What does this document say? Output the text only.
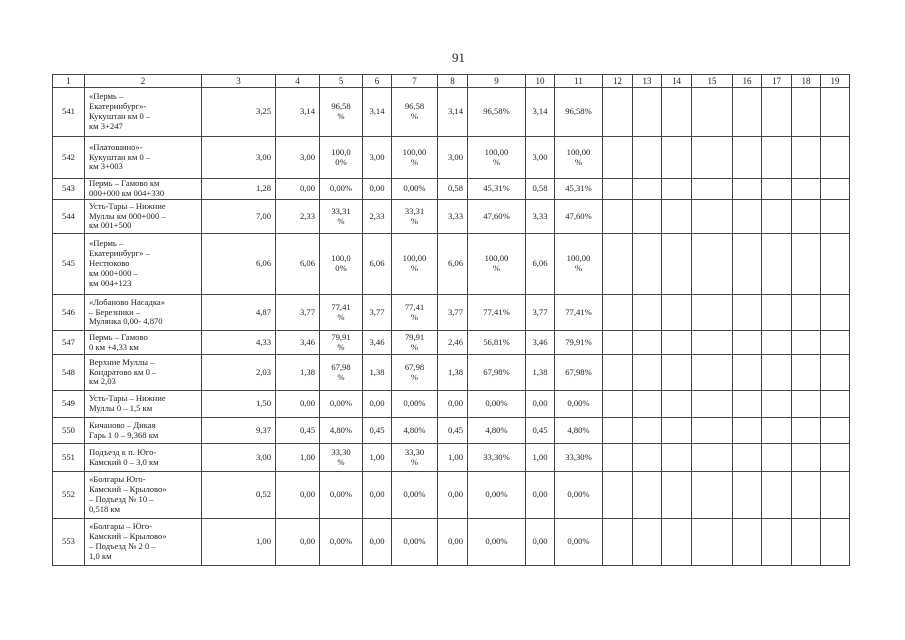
91
1	2	3	4	5	6	7	8	9	10	11	12	13	14	15	16	17	18	19
541	«Пермь –
Екатеринбург»-
Кукуштан км 0 –
км 3+247	3,25	3,14	96,58
%	3,14	96,58
%	3,14	96,58%	3,14	96,58%								
542	«Платошино»-
Кукуштан км 0 –
км 3+003	3,00	3,00	100,0
0%	3,00	100,00
%	3,00	100,00
%	3,00	100,00
%								
543	Пермь – Гамово км
000+000 км 004+330	1,28	0,00	0,00%	0,00	0,00%	0,58	45,31%	0,58	45,31%								
544	Усть-Тары – Нижние
Муллы км 000+000 –
км 001+500	7,00	2,33	33,31
%	2,33	33,31
%	3,33	47,60%	3,33	47,60%								
545	«Пермь –
Екатеринбург» –
Нестюково
км 000+000 –
км 004+123	6,06	6,06	100,0
0%	6,06	100,00
%	6,06	100,00
%	6,06	100,00
%								
546	«Лобаново Насадка»
– Березники –
Мулянка 0,00- 4,870	4,87	3,77	77,41
%	3,77	77,41
%	3,77	77,41%	3,77	77,41%								
547	Пермь – Гамово
0 км +4,33 км	4,33	3,46	79,91
%	3,46	79,91
%	2,46	56,81%	3,46	79,91%								
548	Верхние Муллы –
Кондратово км 0 –
км 2,03	2,03	1,38	67,98
%	1,38	67,98
%	1,38	67,98%	1,38	67,98%								
549	Усть-Тары – Нижние
Муллы 0 – 1,5 км	1,50	0,00	0,00%	0,00	0,00%	0,00	0,00%	0,00	0,00%								
550	Кичаново – Дикая
Гарь 1 0 – 9,368 км	9,37	0,45	4,80%	0,45	4,80%	0,45	4,80%	0,45	4,80%								
551	Подъезд к п. Юго-
Камский 0 – 3,0 км	3,00	1,00	33,30
%	1,00	33,30
%	1,00	33,30%	1,00	33,30%								
552	«Болгары Юго-
Камский – Крылово»
– Подъезд № 10 –
0,518 км	0,52	0,00	0,00%	0,00	0,00%	0,00	0,00%	0,00	0,00%								
553	«Болгары – Юго-
Камский – Крылово»
– Подъезд № 2 0 –
1,0 км	1,00	0,00	0,00%	0,00	0,00%	0,00	0,00%	0,00	0,00%								
